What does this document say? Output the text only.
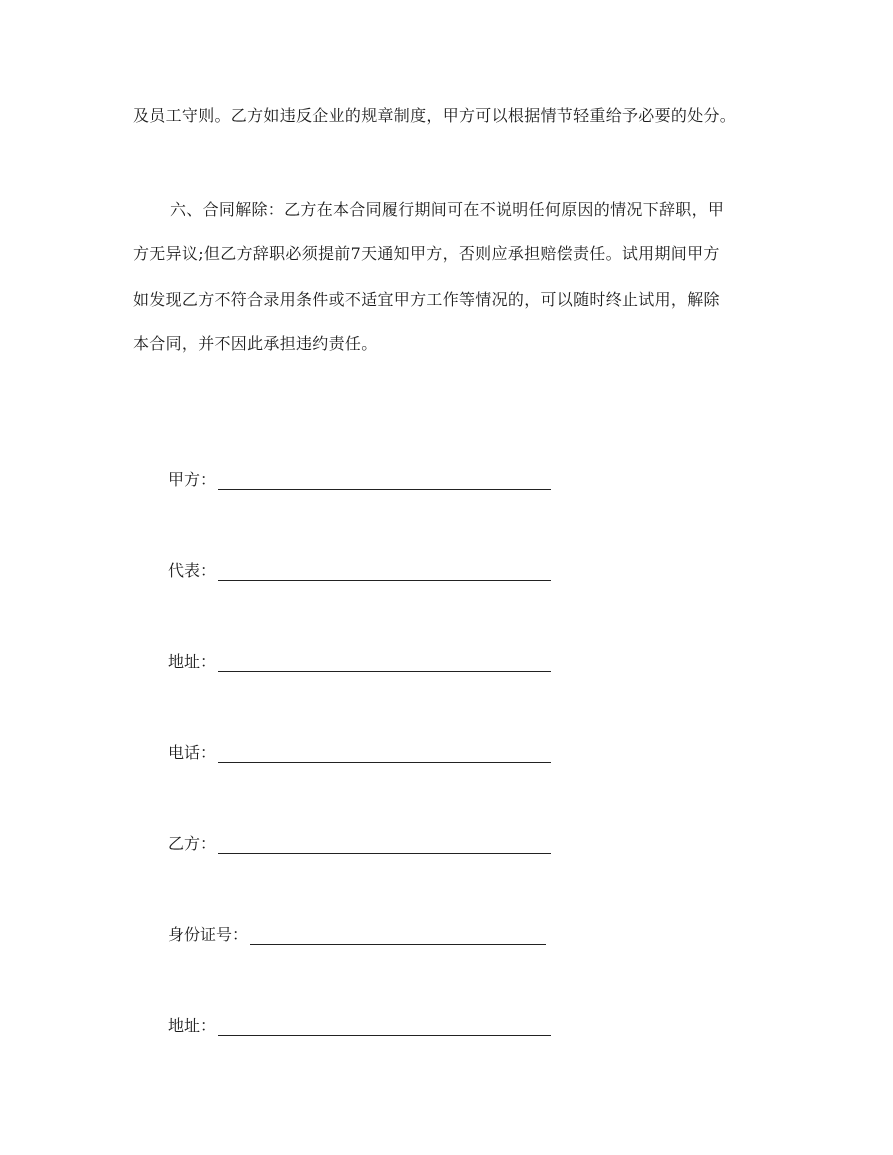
及员工守则。乙方如违反企业的规章制度，甲方可以根据情节轻重给予必要的处分。
六、合同解除：乙方在本合同履行期间可在不说明任何原因的情况下辞职，甲
方无异议;但乙方辞职必须提前7天通知甲方，否则应承担赔偿责任。试用期间甲方
如发现乙方不符合录用条件或不适宜甲方工作等情况的，可以随时终止试用，解除
本合同，并不因此承担违约责任。
甲方：
代表：
地址：
电话：
乙方：
身份证号：
地址：
